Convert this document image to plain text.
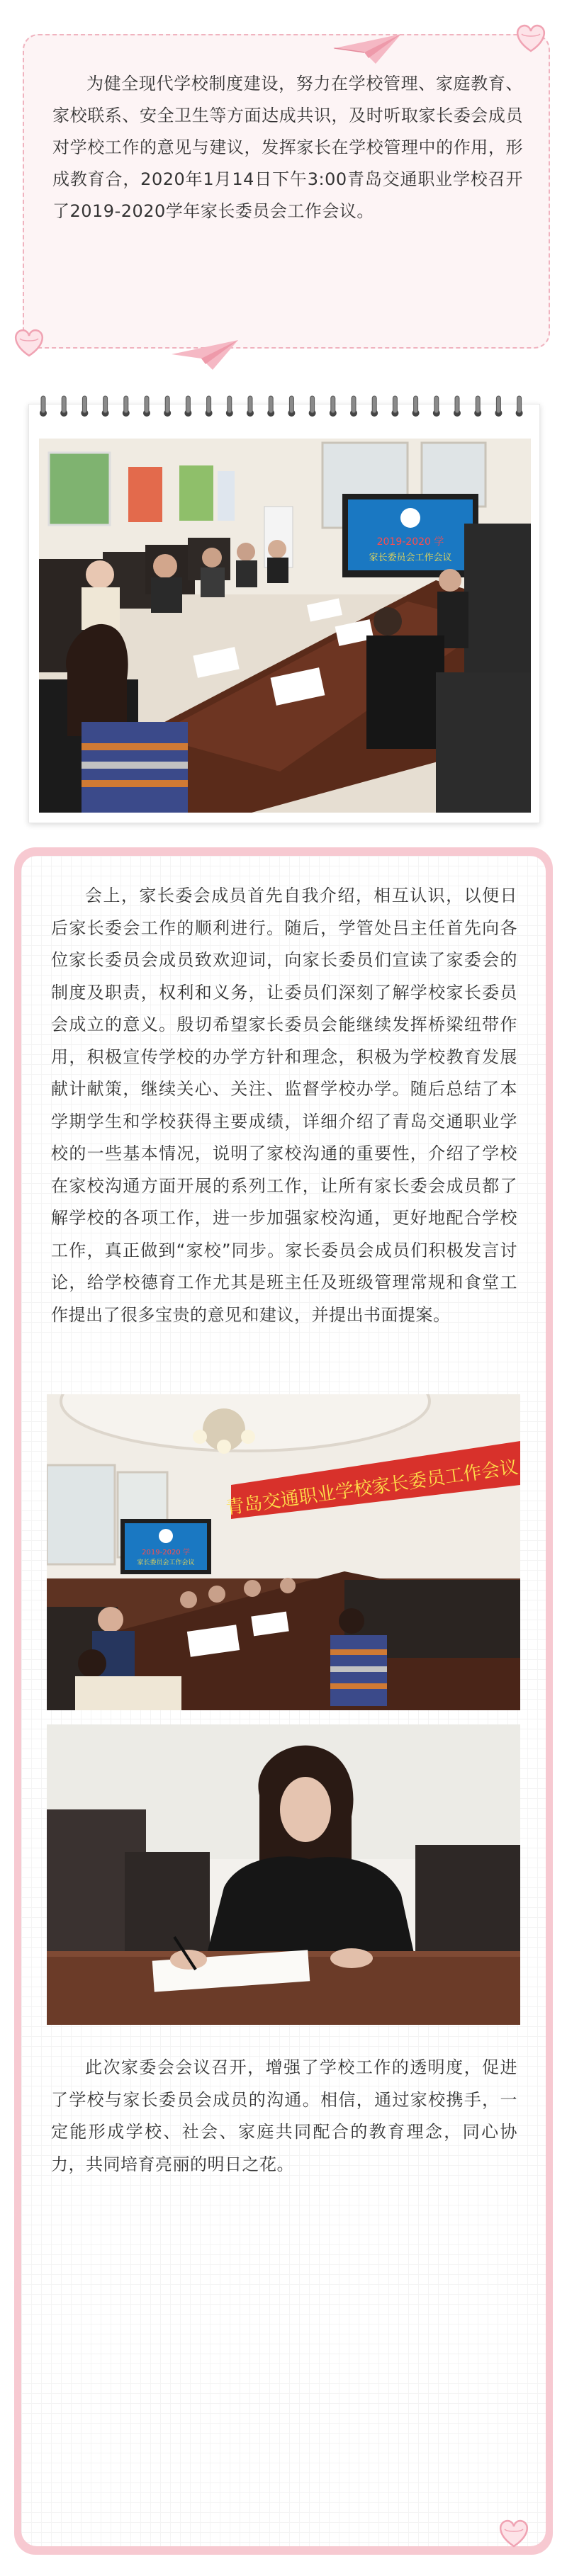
为健全现代学校制度建设，努力在学校管理、家庭教育、家校联系、安全卫生等方面达成共识，及时听取家长委会成员对学校工作的意见与建议，发挥家长在学校管理中的作用，形成教育合，2020年1月14日下午3:00青岛交通职业学校召开了2019-2020学年家长委员会工作会议。

2019-2020 学
家长委员会工作会议

会上，家长委会成员首先自我介绍，相互认识，以便日后家长委会工作的顺利进行。随后，学管处吕主任首先向各位家长委员会成员致欢迎词，向家长委员们宣读了家委会的制度及职责，权利和义务，让委员们深刻了解学校家长委员会成立的意义。殷切希望家长委员会能继续发挥桥梁纽带作用，积极宣传学校的办学方针和理念，积极为学校教育发展献计献策，继续关心、关注、监督学校办学。随后总结了本学期学生和学校获得主要成绩，详细介绍了青岛交通职业学校的一些基本情况，说明了家校沟通的重要性，介绍了学校在家校沟通方面开展的系列工作，让所有家长委会成员都了解学校的各项工作，进一步加强家校沟通，更好地配合学校工作，真正做到“家校”同步。家长委员会成员们积极发言讨论，给学校德育工作尤其是班主任及班级管理常规和食堂工作提出了很多宝贵的意见和建议，并提出书面提案。

青岛交通职业学校家长委员工作会议
2019-2020 学
家长委员会工作会议

此次家委会会议召开，增强了学校工作的透明度，促进了学校与家长委员会成员的沟通。相信，通过家校携手，一定能形成学校、社会、家庭共同配合的教育理念，同心协力，共同培育亮丽的明日之花。
